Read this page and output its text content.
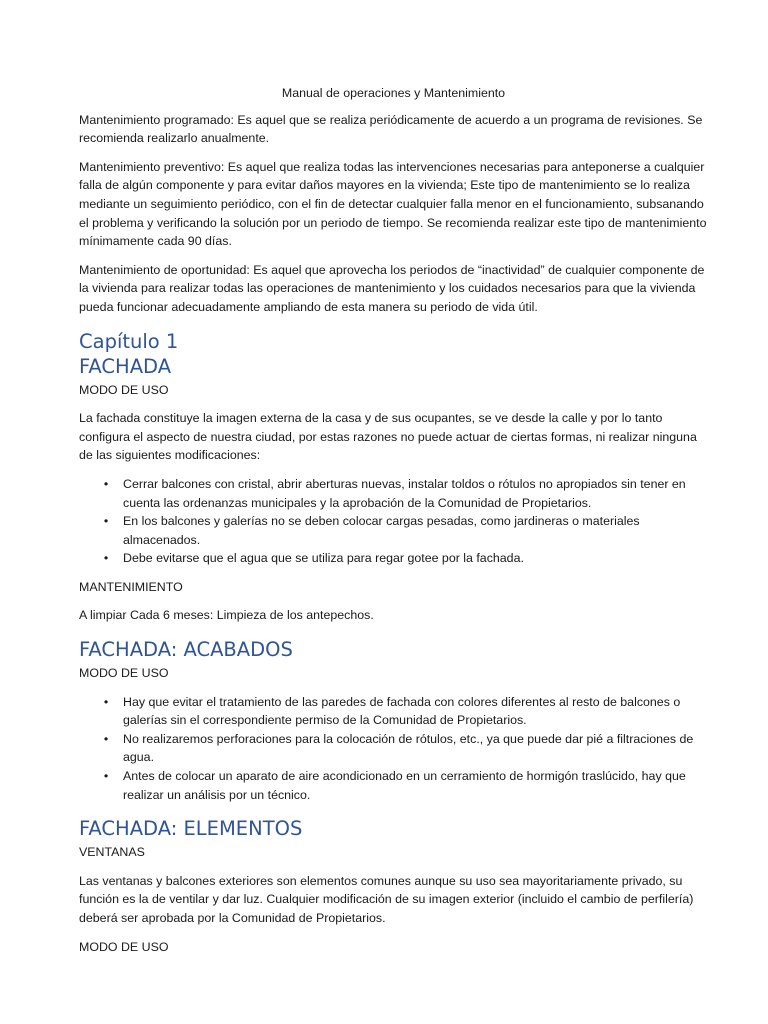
Manual de operaciones y Mantenimiento

Mantenimiento programado: Es aquel que se realiza periódicamente de acuerdo a un programa de revisiones. Se recomienda realizarlo anualmente.

Mantenimiento preventivo: Es aquel que realiza todas las intervenciones necesarias para anteponerse a cualquier falla de algún componente y para evitar daños mayores en la vivienda; Este tipo de mantenimiento se lo realiza mediante un seguimiento periódico, con el fin de detectar cualquier falla menor en el funcionamiento, subsanando el problema y verificando la solución por un periodo de tiempo. Se recomienda realizar este tipo de mantenimiento mínimamente cada 90 días.

Mantenimiento de oportunidad: Es aquel que aprovecha los periodos de “inactividad” de cualquier componente de la vivienda para realizar todas las operaciones de mantenimiento y los cuidados necesarios para que la vivienda pueda funcionar adecuadamente ampliando de esta manera su periodo de vida útil.

Capítulo 1
FACHADA

MODO DE USO

La fachada constituye la imagen externa de la casa y de sus ocupantes, se ve desde la calle y por lo tanto configura el aspecto de nuestra ciudad, por estas razones no puede actuar de ciertas formas, ni realizar ninguna de las siguientes modificaciones:

• Cerrar balcones con cristal, abrir aberturas nuevas, instalar toldos o rótulos no apropiados sin tener en cuenta las ordenanzas municipales y la aprobación de la Comunidad de Propietarios.
• En los balcones y galerías no se deben colocar cargas pesadas, como jardineras o materiales almacenados.
• Debe evitarse que el agua que se utiliza para regar gotee por la fachada.

MANTENIMIENTO

A limpiar Cada 6 meses: Limpieza de los antepechos.

FACHADA: ACABADOS

MODO DE USO

• Hay que evitar el tratamiento de las paredes de fachada con colores diferentes al resto de balcones o galerías sin el correspondiente permiso de la Comunidad de Propietarios.
• No realizaremos perforaciones para la colocación de rótulos, etc., ya que puede dar pié a filtraciones de agua.
• Antes de colocar un aparato de aire acondicionado en un cerramiento de hormigón traslúcido, hay que realizar un análisis por un técnico.
FACHADA: ELEMENTOS

VENTANAS

Las ventanas y balcones exteriores son elementos comunes aunque su uso sea mayoritariamente privado, su función es la de ventilar y dar luz. Cualquier modificación de su imagen exterior (incluido el cambio de perfilería) deberá ser aprobada por la Comunidad de Propietarios.

MODO DE USO
